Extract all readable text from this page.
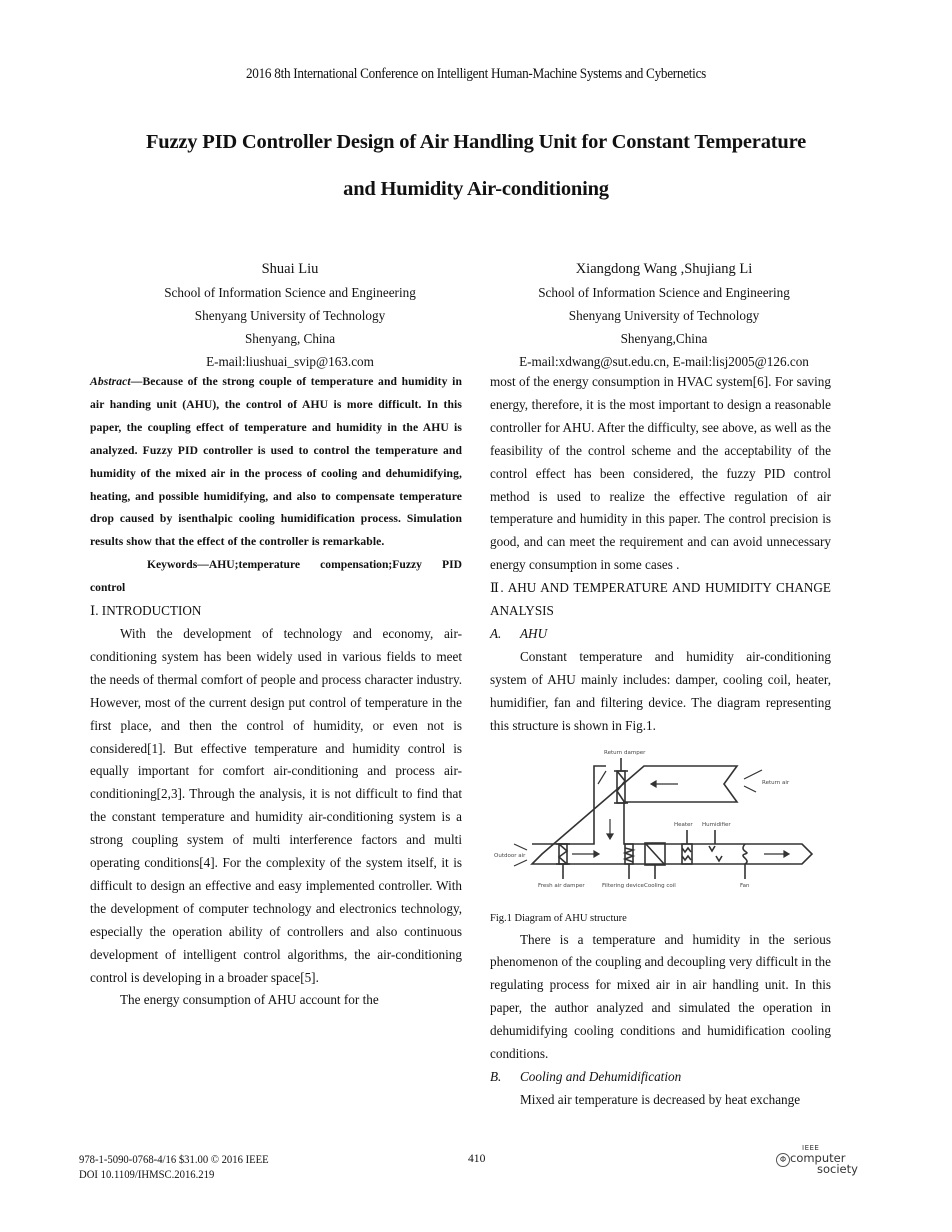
2016 8th International Conference on Intelligent Human-Machine Systems and Cybernetics
Fuzzy PID Controller Design of Air Handling Unit for Constant Temperature
and Humidity Air-conditioning
Shuai Liu
School of Information Science and Engineering
Shenyang University of Technology
Shenyang, China
E-mail:liushuai_svip@163.com
Xiangdong Wang ,Shujiang Li
School of Information Science and Engineering
Shenyang University of Technology
Shenyang,China
E-mail:xdwang@sut.edu.cn, E-mail:lisj2005@126.con

Abstract—Because of the strong couple of temperature and humidity in air handing unit (AHU), the control of AHU is more difficult. In this paper, the coupling effect of temperature and humidity in the AHU is analyzed. Fuzzy PID controller is used to control the temperature and humidity of the mixed air in the process of cooling and dehumidifying, heating, and possible humidifying, and also to compensate temperature drop caused by isenthalpic cooling humidification process. Simulation results show that the effect of the controller is remarkable.

Keywords—AHU;temperature compensation;Fuzzy PID control

Ⅰ. INTRODUCTION

With the development of technology and economy, air-conditioning system has been widely used in various fields to meet the needs of thermal comfort of people and process character industry. However, most of the current design put control of temperature in the first place, and then the control of humidity, or even not is considered[1]. But effective temperature and humidity control is equally important for comfort air-conditioning and process air-conditioning[2,3]. Through the analysis, it is not difficult to find that the constant temperature and humidity air-conditioning system is a strong coupling system of multi interference factors and multi operating conditions[4]. For the complexity of the system itself, it is difficult to design an effective and easy implemented controller. With the development of computer technology and electronics technology, especially the operation ability of controllers and also continuous development of intelligent control algorithms, the air-conditioning control is developing in a broader space[5].

The energy consumption of AHU account for the

most of the energy consumption in HVAC system[6]. For saving energy, therefore, it is the most important to design a reasonable controller for AHU. After the difficulty, see above, as well as the feasibility of the control scheme and the acceptability of the control effect has been considered, the fuzzy PID control method is used to realize the effective regulation of air temperature and humidity in this paper. The control precision is good, and can meet the requirement and can avoid unnecessary energy consumption in some cases .

Ⅱ. AHU AND TEMPERATURE AND HUMIDITY CHANGE ANALYSIS

A. AHU

Constant temperature and humidity air-conditioning system of AHU mainly includes: damper, cooling coil, heater, humidifier, fan and filtering device. The diagram representing this structure is shown in Fig.1.

Return damper
Return air
Outdoor air
Heater Humidifier
Fresh air damper	Filtering device Cooling coil	Fan

Fig.1 Diagram of AHU structure

There is a temperature and humidity in the serious phenomenon of the coupling and decoupling very difficult in the regulating process for mixed air in air handling unit. In this paper, the author analyzed and simulated the operation in dehumidifying cooling conditions and humidification cooling conditions.

B. Cooling and Dehumidification

Mixed air temperature is decreased by heat exchange

978-1-5090-0768-4/16 $31.00 © 2016 IEEE
DOI 10.1109/IHMSC.2016.219
410	Φ
IEEE
computer
society
